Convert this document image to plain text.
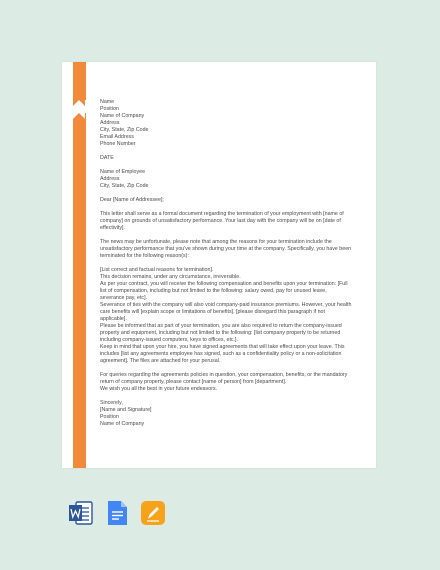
Name

Position

Name of Company

Address

City, State, Zip Code

Email Address

Phone Number

DATE

Name of Employee

Address

City, State, Zip Code

Dear [Name of Addressee];

This letter shall serve as a formal document regarding the termination of your employment with [name of company] on grounds of unsatisfactory performance. Your last day with the company will be on [date of effectivity].

The news may be unfortunate, please note that among the reasons for your termination include the unsatisfactory performance that you've shown during your time at the company. Specifically, you have been terminated for the following reason(s):

[List correct and factual reasons for termination].

This decision remains, under any circumstance, irreversible.

As per your contract, you will receive the following compensation and benefits upon your termination: [Full list of compensation, including but not limited to the following: salary owed, pay for unused leave, severance pay, etc].

Severance of ties with the company will also void company-paid insurance premiums. However, your health care benefits will [explain scope or limitations of benefits]. [please disregard this paragraph if not applicable].

Please be informed that as part of your termination, you are also required to return the company-issued property and equipment, including but not limited to the following: [list company property to be returned including company-issued computers, keys to offices, etc.].

Keep in mind that upon your hire, you have signed agreements that will take effect upon your leave. This includes [list any agreements employee has signed, such as a confidentiality policy or a non-solicitation agreement]. The files are attached for your perusal.

For queries regarding the agreements policies in question, your compensation, benefits, or the mandatory return of company property, please contact [name of person] from [department].

We wish you all the best in your future endeavors.

Sincerely,

[Name and Signature]

Position

Name of Company
